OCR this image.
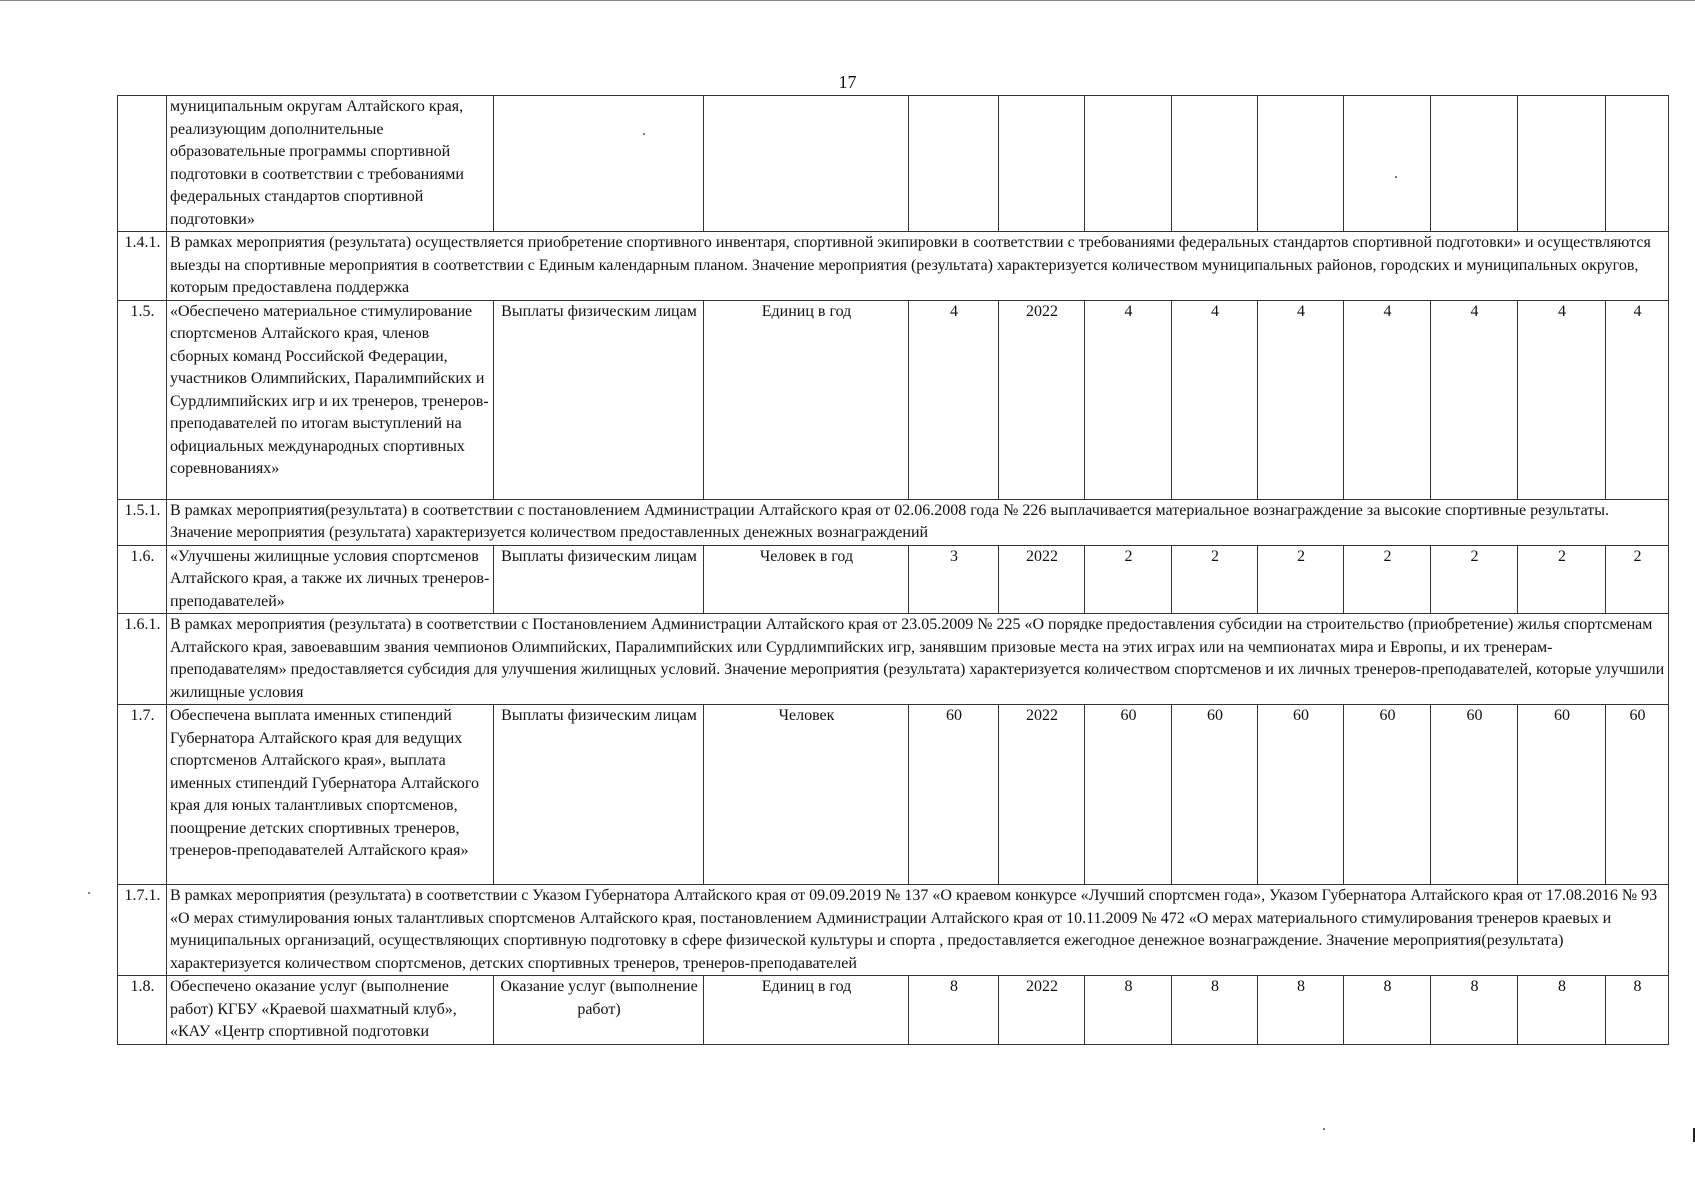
17
	муниципальным округам Алтайского края, реализующим дополнительные образовательные программы спортивной подготовки в соответствии с требованиями федеральных стандартов спортивной подготовки»											
1.4.1.	В рамках мероприятия (результата) осуществляется приобретение спортивного инвентаря, спортивной экипировки в соответствии с требованиями федеральных стандартов спортивной подготовки» и осуществляются выезды на спортивные мероприятия в соответствии с Единым календарным планом. Значение мероприятия (результата) характеризуется количеством муниципальных районов, городских и муниципальных округов, которым предоставлена поддержка											
1.5.	«Обеспечено материальное стимулирование спортсменов Алтайского края, членов сборных команд Российской Федерации, участников Олимпийских, Паралимпийских и Сурдлимпийских игр и их тренеров, тренеров-преподавателей по итогам выступлений на официальных международных спортивных соревнованиях»	Выплаты физическим лицам	Единиц в год	4	2022	4	4	4	4	4	4	4
1.5.1.	В рамках мероприятия(результата) в соответствии с постановлением Администрации Алтайского края от 02.06.2008 года № 226 выплачивается материальное вознаграждение за высокие спортивные результаты. Значение мероприятия (результата) характеризуется количеством предоставленных денежных вознаграждений											
1.6.	«Улучшены жилищные условия спортсменов Алтайского края, а также их личных тренеров-преподавателей»	Выплаты физическим лицам	Человек в год	3	2022	2	2	2	2	2	2	2
1.6.1.	В рамках мероприятия (результата) в соответствии с Постановлением Администрации Алтайского края от 23.05.2009 № 225 «О порядке предоставления субсидии на строительство (приобретение) жилья спортсменам Алтайского края, завоевавшим звания чемпионов Олимпийских, Паралимпийских или Сурдлимпийских игр, занявшим призовые места на этих играх или на чемпионатах мира и Европы, и их тренерам-преподавателям» предоставляется субсидия для улучшения жилищных условий. Значение мероприятия (результата) характеризуется количеством спортсменов и их личных тренеров-преподавателей, которые улучшили жилищные условия											
1.7.	Обеспечена выплата именных стипендий Губернатора Алтайского края для ведущих спортсменов Алтайского края», выплата именных стипендий Губернатора Алтайского края для юных талантливых спортсменов, поощрение детских спортивных тренеров, тренеров-преподавателей Алтайского края»	Выплаты физическим лицам	Человек	60	2022	60	60	60	60	60	60	60
1.7.1.	В рамках мероприятия (результата) в соответствии с Указом Губернатора Алтайского края от 09.09.2019 № 137 «О краевом конкурсе «Лучший спортсмен года», Указом Губернатора Алтайского края от 17.08.2016 № 93 «О мерах стимулирования юных талантливых спортсменов Алтайского края, постановлением Администрации Алтайского края от 10.11.2009 № 472 «О мерах материального стимулирования тренеров краевых и муниципальных организаций, осуществляющих спортивную подготовку в сфере физической культуры и спорта , предоставляется ежегодное денежное вознаграждение. Значение мероприятия(результата) характеризуется количеством спортсменов, детских спортивных тренеров, тренеров-преподавателей											
1.8.	Обеспечено оказание услуг (выполнение работ) КГБУ «Краевой шахматный клуб», «КАУ «Центр спортивной подготовки	Оказание услуг (выполнение работ)	Единиц в год	8	2022	8	8	8	8	8	8	8
